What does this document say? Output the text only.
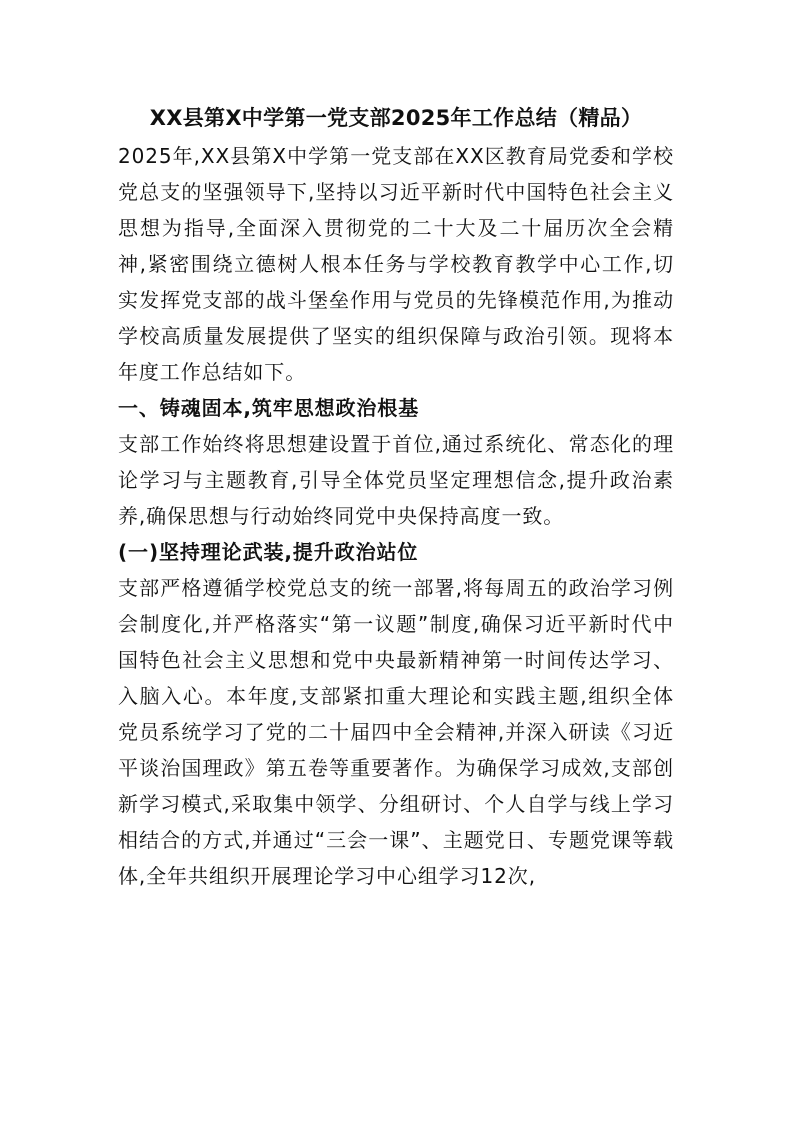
XX县第X中学第一党支部2025年工作总结（精品）

2025年,XX县第X中学第一党支部在XX区教育局党委和学校党总支的坚强领导下,坚持以习近平新时代中国特色社会主义思想为指导,全面深入贯彻党的二十大及二十届历次全会精神,紧密围绕立德树人根本任务与学校教育教学中心工作,切实发挥党支部的战斗堡垒作用与党员的先锋模范作用,为推动学校高质量发展提供了坚实的组织保障与政治引领。现将本年度工作总结如下。

一、铸魂固本,筑牢思想政治根基

支部工作始终将思想建设置于首位,通过系统化、常态化的理论学习与主题教育,引导全体党员坚定理想信念,提升政治素养,确保思想与行动始终同党中央保持高度一致。

(一)坚持理论武装,提升政治站位

支部严格遵循学校党总支的统一部署,将每周五的政治学习例会制度化,并严格落实“第一议题”制度,确保习近平新时代中国特色社会主义思想和党中央最新精神第一时间传达学习、入脑入心。本年度,支部紧扣重大理论和实践主题,组织全体党员系统学习了党的二十届四中全会精神,并深入研读《习近平谈治国理政》第五卷等重要著作。为确保学习成效,支部创新学习模式,采取集中领学、分组研讨、个人自学与线上学习相结合的方式,并通过“三会一课”、主题党日、专题党课等载体,全年共组织开展理论学习中心组学习12次,
